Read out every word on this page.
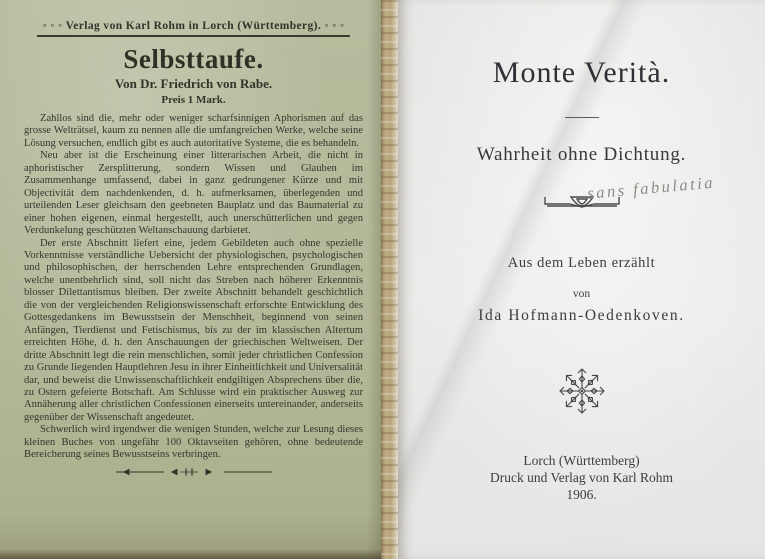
◦ ◦ ◦ Verlag von Karl Rohm in Lorch (Württemberg). ◦ ◦ ◦
Selbsttaufe.
Von Dr. Friedrich von Rabe.
Preis 1 Mark.

Zahllos sind die, mehr oder weniger scharfsinnigen Aphorismen auf das grosse Welträtsel, kaum zu nennen alle die umfangreichen Werke, welche seine Lösung versuchen, endlich gibt es auch autoritative Systeme, die es behandeln.

Neu aber ist die Erscheinung einer litterarischen Arbeit, die nicht in aphoristischer Zersplitterung, sondern Wissen und Glauben im Zusammenhange umfassend, dabei in ganz gedrungener Kürze und mit Objectivität dem nachdenkenden, d. h. aufmerksamen, überlegenden und urteilenden Leser gleichsam den geebneten Bauplatz und das Baumaterial zu einer hohen eigenen, einmal hergestellt, auch unerschütterlichen und gegen Verdunkelung geschützten Weltanschauung darbietet.

Der erste Abschnitt liefert eine, jedem Gebildeten auch ohne spezielle Vorkenntnisse verständliche Uebersicht der physiologischen, psychologischen und philosophischen, der herrschenden Lehre entsprechenden Grundlagen, welche unentbehrlich sind, soll nicht das Streben nach höherer Erkenntnis blosser Dilettantismus bleiben. Der zweite Abschnitt behandelt geschichtlich die von der vergleichenden Religionswissenschaft erforschte Entwicklung des Gottesgedankens im Bewusstsein der Menschheit, beginnend von seinen Anfängen, Tierdienst und Fetischismus, bis zu der im klassischen Altertum erreichten Höhe, d. h. den Anschauungen der griechischen Weltweisen. Der dritte Abschnitt legt die rein menschlichen, somit jeder christlichen Confession zu Grunde liegenden Hauptlehren Jesu in ihrer Einheitlichkeit und Universalität dar, und beweist die Unwissenschaftlichkeit endgiltigen Absprechens über die, zu Ostern gefeierte Botschaft. Am Schlusse wird ein praktischer Ausweg zur Annäherung aller christlichen Confessionen einerseits untereinander, anderseits gegenüber der Wissenschaft angedeutet.

Schwerlich wird irgendwer die wenigen Stunden, welche zur Lesung dieses kleinen Buches von ungefähr 100 Oktavseiten gehören, ohne bedeutende Bereicherung seines Bewusstseins verbringen.

Monte Verità.
Wahrheit ohne Dichtung.
sans fabulatia
Aus dem Leben erzählt
von
Ida Hofmann-Oedenkoven.
Lorch (Württemberg)
Druck und Verlag von Karl Rohm
1906.
